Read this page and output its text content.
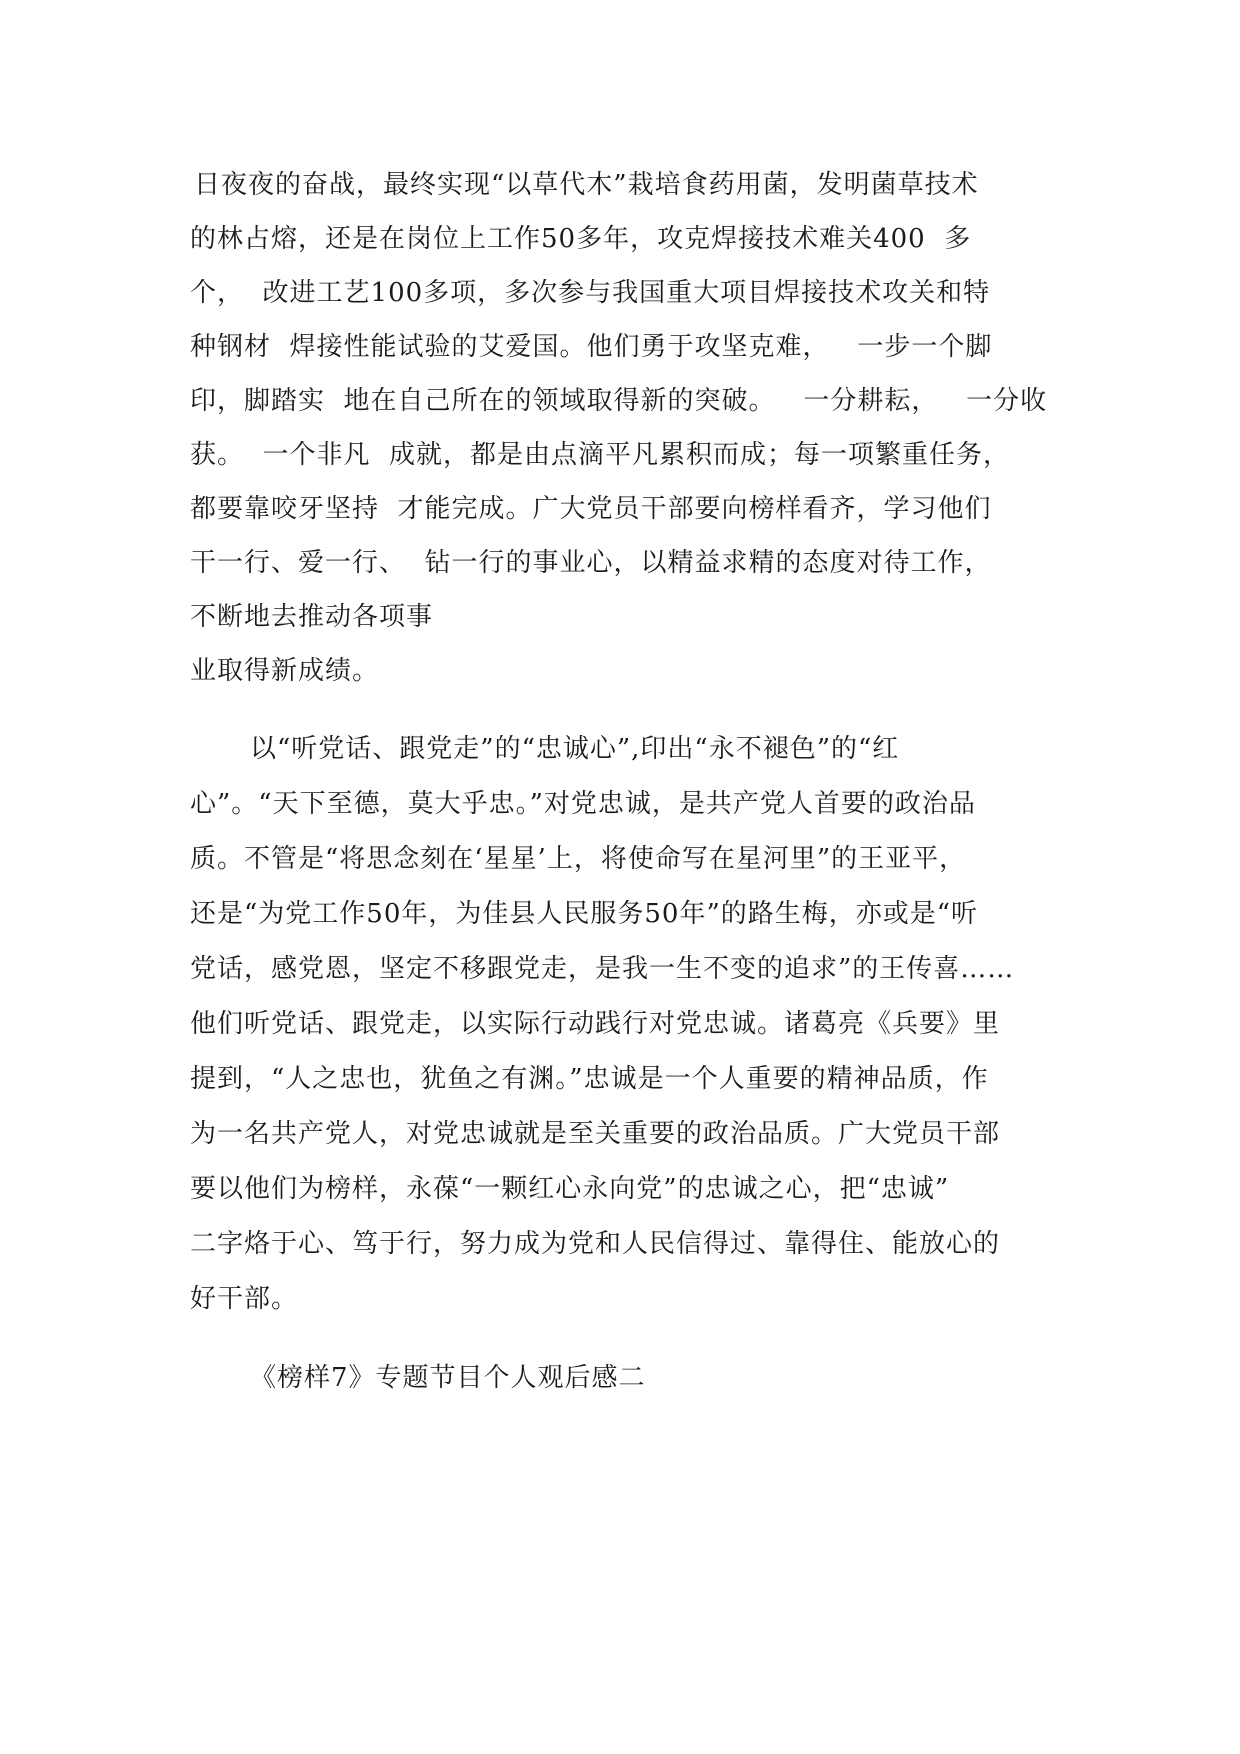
日夜夜的奋战，最终实现“以草代木”栽培食药用菌，发明菌草技术

的林占熔，还是在岗位上工作50多年，攻克焊接技术难关400  多

个，  改进工艺100多项，多次参与我国重大项目焊接技术攻关和特

种钢材  焊接性能试验的艾爱国。他们勇于攻坚克难，   一步一个脚

印，脚踏实  地在自己所在的领域取得新的突破。   一分耕耘，   一分收

获。  一个非凡  成就，都是由点滴平凡累积而成；每一项繁重任务，

都要靠咬牙坚持  才能完成。广大党员干部要向榜样看齐，学习他们

干一行、爱一行、  钻一行的事业心，以精益求精的态度对待工作，

不断地去推动各项事

业取得新成绩。

以“听党话、跟党走”的“忠诚心”,印出“永不褪色”的“红

心”。“天下至德，莫大乎忠。”对党忠诚，是共产党人首要的政治品

质。不管是“将思念刻在‘星星’上，将使命写在星河里”的王亚平，

还是“为党工作50年，为佳县人民服务50年”的路生梅，亦或是“听

党话，感党恩，坚定不移跟党走，是我一生不变的追求”的王传喜……

他们听党话、跟党走，以实际行动践行对党忠诚。诸葛亮《兵要》里

提到，“人之忠也，犹鱼之有渊。”忠诚是一个人重要的精神品质，作

为一名共产党人，对党忠诚就是至关重要的政治品质。广大党员干部

要以他们为榜样，永葆“一颗红心永向党”的忠诚之心，把“忠诚”

二字烙于心、笃于行，努力成为党和人民信得过、靠得住、能放心的

好干部。

《榜样7》专题节目个人观后感二
